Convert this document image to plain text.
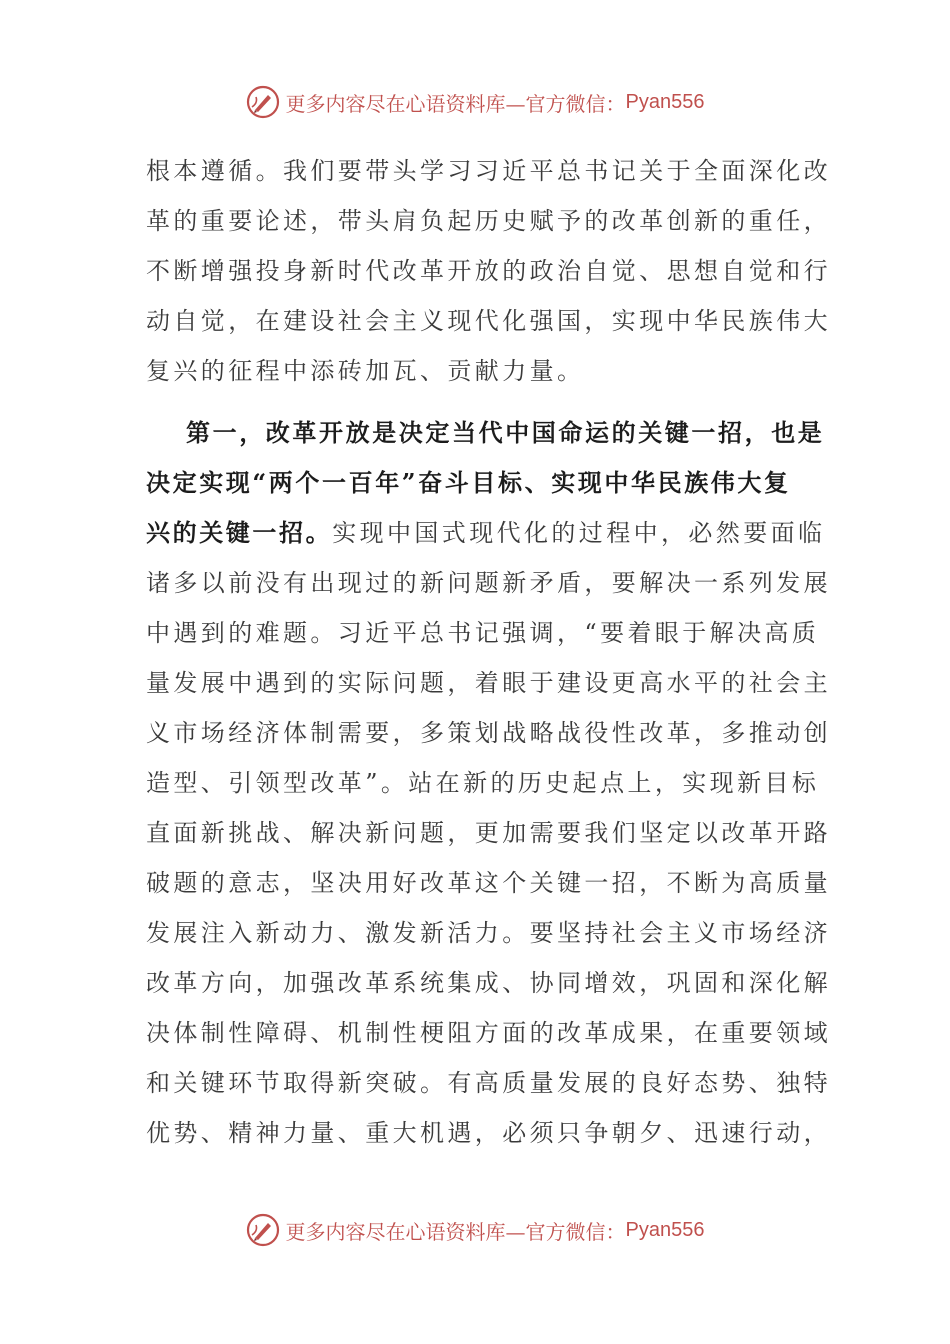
更多内容尽在心语资料库—官方微信： Pyan556
根本遵循。我们要带头学习习近平总书记关于全面深化改
革的重要论述，带头肩负起历史赋予的改革创新的重任，
不断增强投身新时代改革开放的政治自觉、思想自觉和行
动自觉，在建设社会主义现代化强国，实现中华民族伟大
复兴的征程中添砖加瓦、贡献力量。
第一，改革开放是决定当代中国命运的关键一招，也是
决定实现“两个一百年”奋斗目标、实现中华民族伟大复
兴的关键一招。实现中国式现代化的过程中，必然要面临
诸多以前没有出现过的新问题新矛盾，要解决一系列发展
中遇到的难题。习近平总书记强调，“要着眼于解决高质
量发展中遇到的实际问题，着眼于建设更高水平的社会主
义市场经济体制需要，多策划战略战役性改革，多推动创
造型、引领型改革”。站在新的历史起点上，实现新目标
直面新挑战、解决新问题，更加需要我们坚定以改革开路
破题的意志，坚决用好改革这个关键一招，不断为高质量
发展注入新动力、激发新活力。要坚持社会主义市场经济
改革方向，加强改革系统集成、协同增效，巩固和深化解
决体制性障碍、机制性梗阻方面的改革成果，在重要领域
和关键环节取得新突破。有高质量发展的良好态势、独特
优势、精神力量、重大机遇，必须只争朝夕、迅速行动，
更多内容尽在心语资料库—官方微信： Pyan556
